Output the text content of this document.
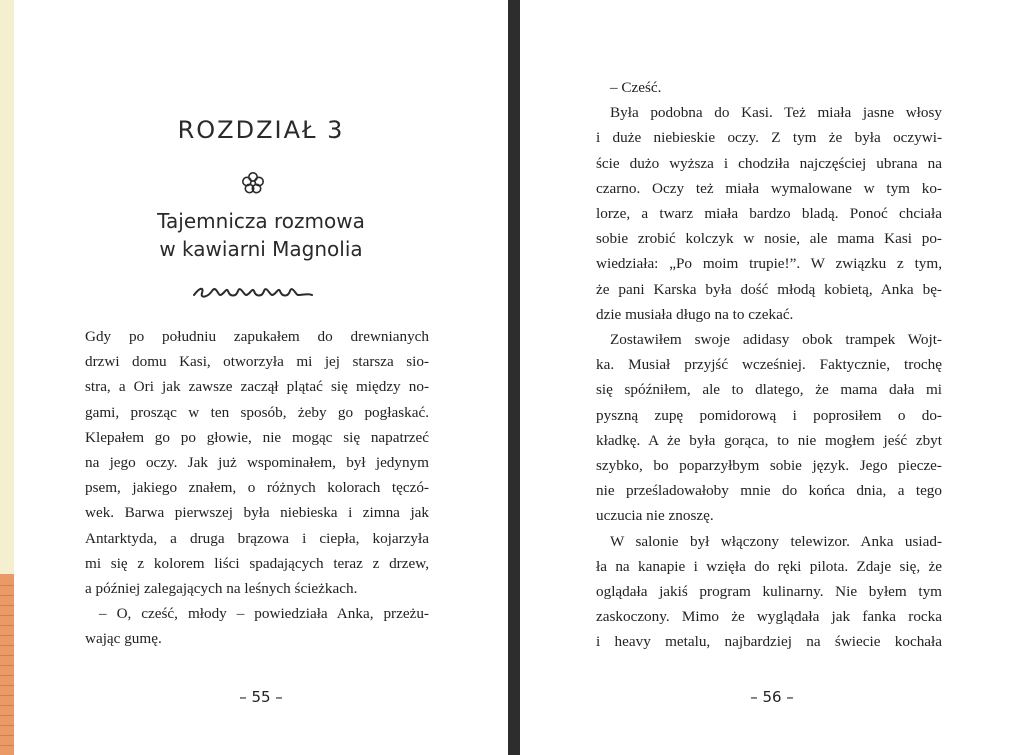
ROZDZIAŁ 3
Tajemnicza rozmowa
w kawiarni Magnolia

Gdy po południu zapukałem do drewnianych
drzwi domu Kasi, otworzyła mi jej starsza sio-
stra, a Ori jak zawsze zaczął plątać się między no-
gami, prosząc w ten sposób, żeby go pogłaskać.
Klepałem go po głowie, nie mogąc się napatrzeć
na jego oczy. Jak już wspominałem, był jedynym
psem, jakiego znałem, o różnych kolorach tęczó-
wek. Barwa pierwszej była niebieska i zimna jak
Antarktyda, a druga brązowa i ciepła, kojarzyła
mi się z kolorem liści spadających teraz z drzew,
a później zalegających na leśnych ścieżkach.

– O, cześć, młody – powiedziała Anka, przeżu-
wając gumę.

– 55 –

– Cześć.

Była podobna do Kasi. Też miała jasne włosy
i duże niebieskie oczy. Z tym że była oczywi-
ście dużo wyższa i chodziła najczęściej ubrana na
czarno. Oczy też miała wymalowane w tym ko-
lorze, a twarz miała bardzo bladą. Ponoć chciała
sobie zrobić kolczyk w nosie, ale mama Kasi po-
wiedziała: „Po moim trupie!”. W związku z tym,
że pani Karska była dość młodą kobietą, Anka bę-
dzie musiała długo na to czekać.

Zostawiłem swoje adidasy obok trampek Wojt-
ka. Musiał przyjść wcześniej. Faktycznie, trochę
się spóźniłem, ale to dlatego, że mama dała mi
pyszną zupę pomidorową i poprosiłem o do-
kładkę. A że była gorąca, to nie mogłem jeść zbyt
szybko, bo poparzyłbym sobie język. Jego piecze-
nie prześladowałoby mnie do końca dnia, a tego
uczucia nie znoszę.

W salonie był włączony telewizor. Anka usiad-
ła na kanapie i wzięła do ręki pilota. Zdaje się, że
oglądała jakiś program kulinarny. Nie byłem tym
zaskoczony. Mimo że wyglądała jak fanka rocka
i heavy metalu, najbardziej na świecie kochała

– 56 –
